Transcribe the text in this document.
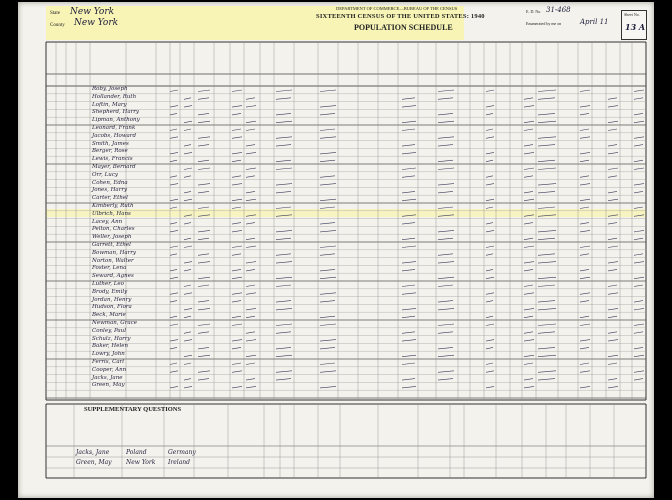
State New York
County New York
DEPARTMENT OF COMMERCE—BUREAU OF THE CENSUS
SIXTEENTH CENSUS OF THE UNITED STATES: 1940
POPULATION SCHEDULE
E. D. No. 31-468
Enumerated by me on	April 11
Sheet No.
13 A
Roby, Joseph
Hollander, Ruth
Loftin, Mary
Shepherd, Harry
Lipman, Anthony
Leonard, Frank
Jacobs, Howard
Smith, James
Berger, Rose
Lewis, Francis
Mayer, Bernard
Orr, Lucy
Cohen, Edna
Jones, Harry
Carter, Ethel
Kimberly, Ruth
Ulbrich, Hans
Lacey, Ann
Pelton, Charles
Weller, Joseph
Garrett, Ethel
Bowman, Harry
Norton, Walter
Foster, Lena
Seward, Agnes
Luther, Leo
Brody, Emily
Jordan, Henry
Hudson, Flora
Beck, Marie
Newman, Grace
Conley, Paul
Schulz, Harry
Baker, Helen
Lowry, John
Ferris, Carl
Cooper, Ann
Jacks, Jane
Green, May
SUPPLEMENTARY QUESTIONS
Jacks, Jane
Green, May
Poland
New York
Germany
Ireland
